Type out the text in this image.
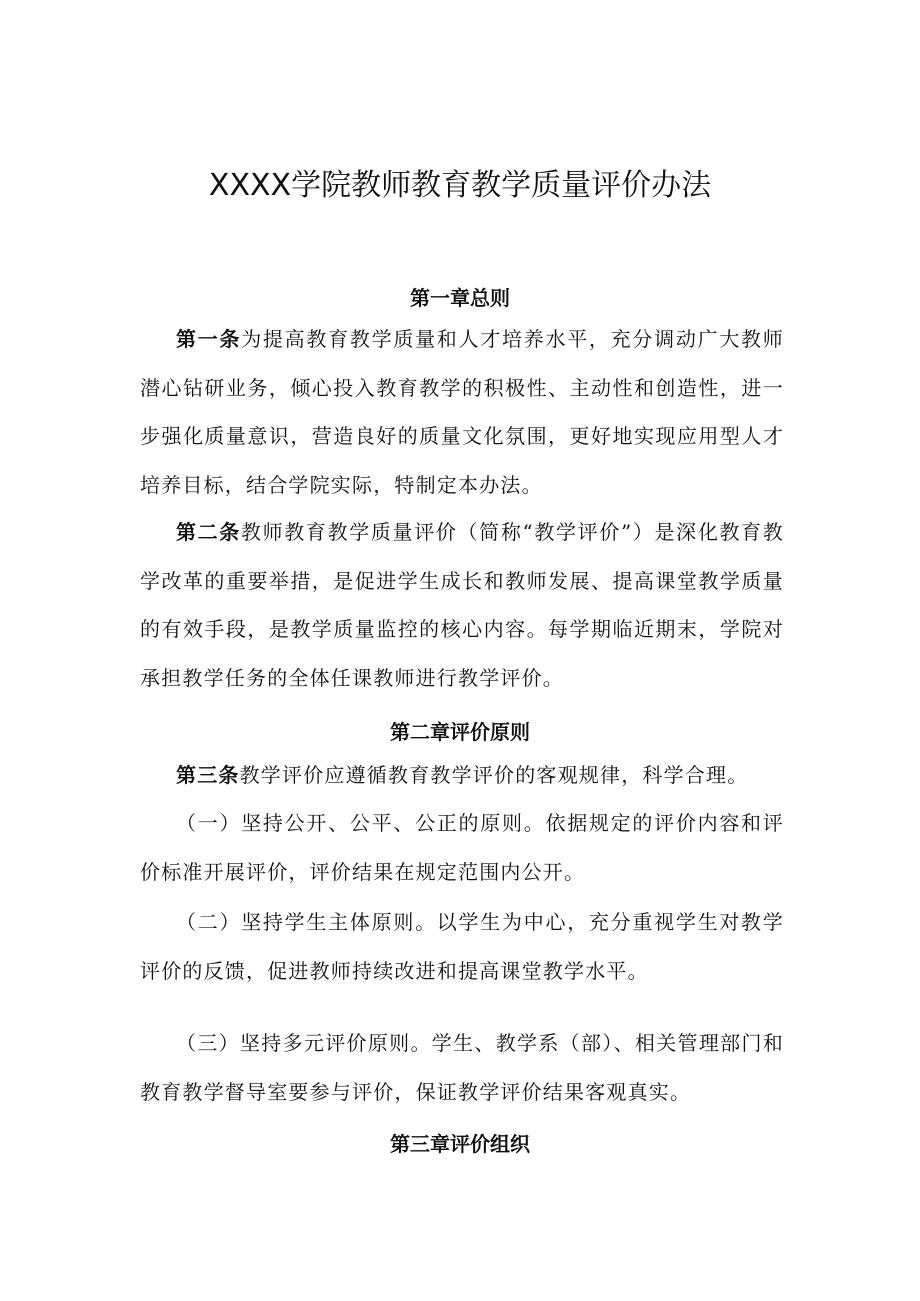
XXXX学院教师教育教学质量评价办法
第一章总则

第一条为提高教育教学质量和人才培养水平，充分调动广大教师潜心钻研业务，倾心投入教育教学的积极性、主动性和创造性，进一步强化质量意识，营造良好的质量文化氛围，更好地实现应用型人才培养目标，结合学院实际，特制定本办法。

第二条教师教育教学质量评价（简称“教学评价”）是深化教育教学改革的重要举措，是促进学生成长和教师发展、提高课堂教学质量的有效手段，是教学质量监控的核心内容。每学期临近期末，学院对承担教学任务的全体任课教师进行教学评价。

第二章评价原则

第三条教学评价应遵循教育教学评价的客观规律，科学合理。

（一）坚持公开、公平、公正的原则。依据规定的评价内容和评价标准开展评价，评价结果在规定范围内公开。

（二）坚持学生主体原则。以学生为中心，充分重视学生对教学评价的反馈，促进教师持续改进和提高课堂教学水平。

（三）坚持多元评价原则。学生、教学系（部）、相关管理部门和教育教学督导室要参与评价，保证教学评价结果客观真实。

第三章评价组织
